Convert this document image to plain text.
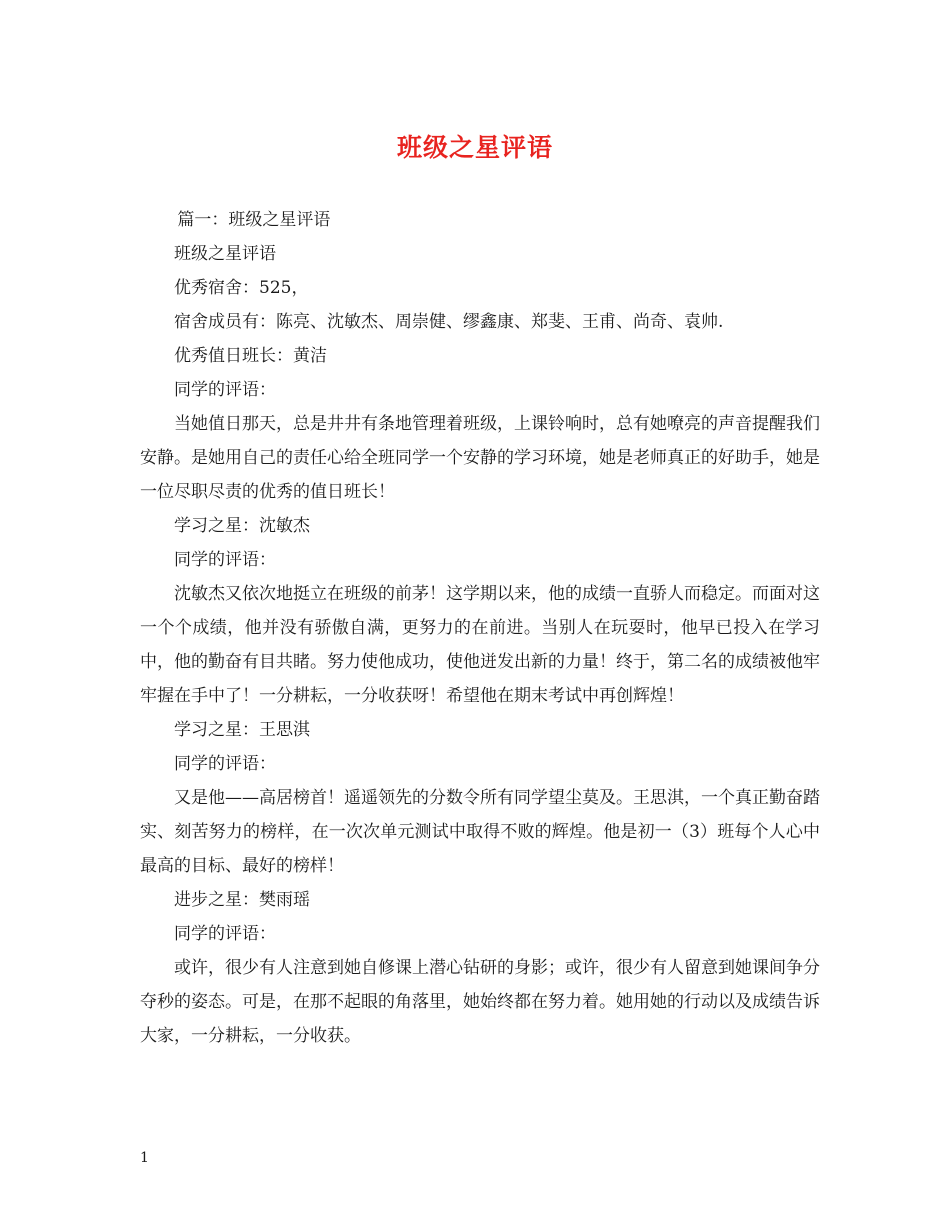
班级之星评语

篇一：班级之星评语

班级之星评语

优秀宿舍：525，

宿舍成员有：陈亮、沈敏杰、周崇健、缪鑫康、郑斐、王甫、尚奇、袁帅.

优秀值日班长：黄洁

同学的评语：

当她值日那天，总是井井有条地管理着班级，上课铃响时，总有她嘹亮的声音提醒我们安静。是她用自己的责任心给全班同学一个安静的学习环境，她是老师真正的好助手，她是一位尽职尽责的优秀的值日班长！

学习之星：沈敏杰

同学的评语：

沈敏杰又依次地挺立在班级的前茅！这学期以来，他的成绩一直骄人而稳定。而面对这一个个成绩，他并没有骄傲自满，更努力的在前进。当别人在玩耍时，他早已投入在学习中，他的勤奋有目共睹。努力使他成功，使他迸发出新的力量！终于，第二名的成绩被他牢牢握在手中了！一分耕耘，一分收获呀！希望他在期末考试中再创辉煌！

学习之星：王思淇

同学的评语：

又是他——高居榜首！遥遥领先的分数令所有同学望尘莫及。王思淇，一个真正勤奋踏实、刻苦努力的榜样，在一次次单元测试中取得不败的辉煌。他是初一（3）班每个人心中最高的目标、最好的榜样！

进步之星：樊雨瑶

同学的评语：

或许，很少有人注意到她自修课上潜心钻研的身影；或许，很少有人留意到她课间争分夺秒的姿态。可是，在那不起眼的角落里，她始终都在努力着。她用她的行动以及成绩告诉大家，一分耕耘，一分收获。

1
